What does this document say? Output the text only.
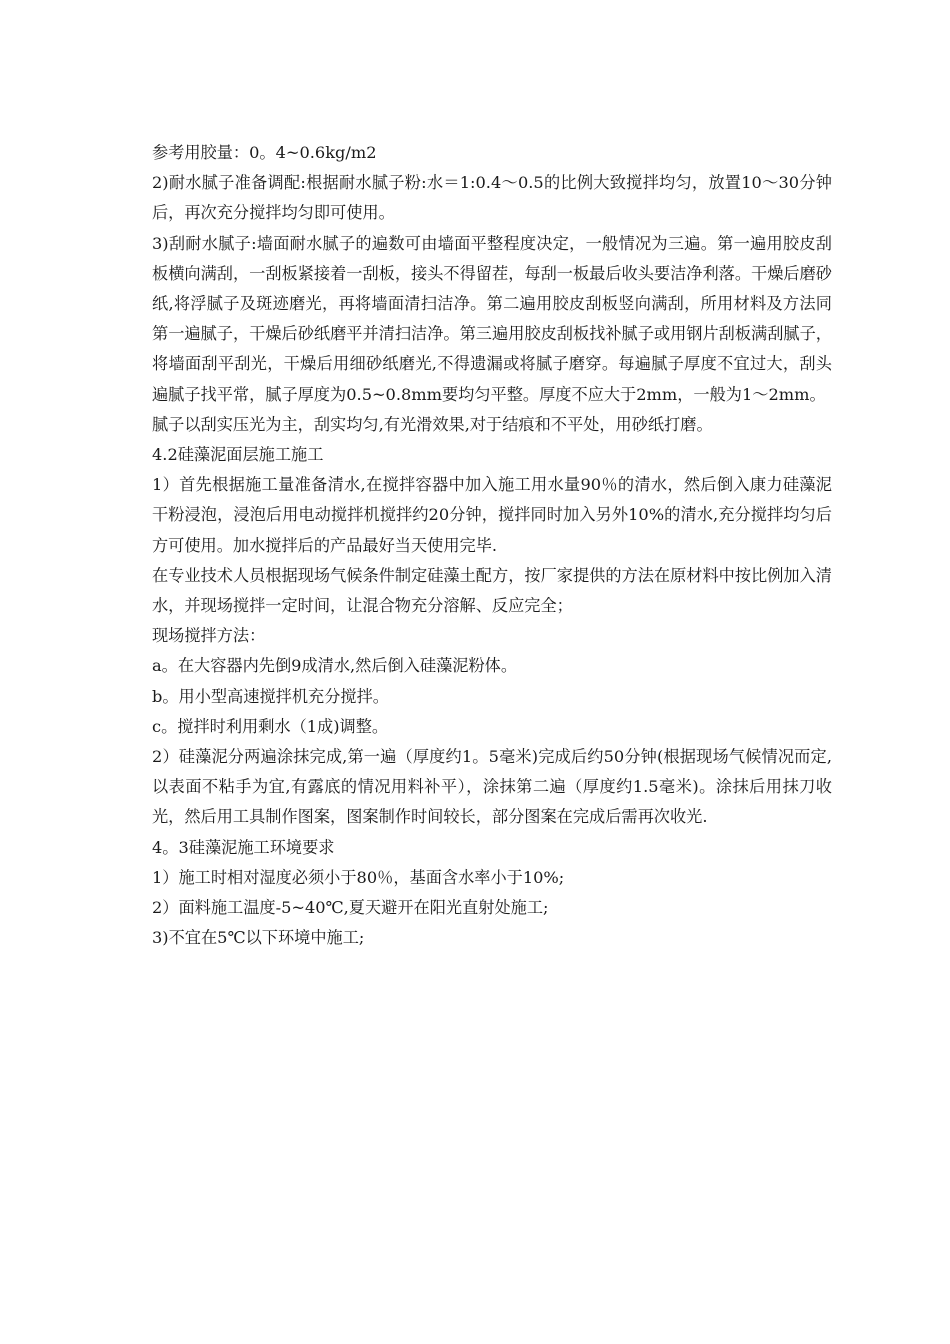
参考用胶量：0。4~0.6kg/m2

2)耐水腻子准备调配:根据耐水腻子粉:水＝1:0.4～0.5的比例大致搅拌均匀，放置10～30分钟后，再次充分搅拌均匀即可使用。

3)刮耐水腻子:墙面耐水腻子的遍数可由墙面平整程度决定，一般情况为三遍。第一遍用胶皮刮板横向满刮，一刮板紧接着一刮板，接头不得留茬，每刮一板最后收头要洁净利落。干燥后磨砂纸,将浮腻子及斑迹磨光，再将墙面清扫洁净。第二遍用胶皮刮板竖向满刮，所用材料及方法同第一遍腻子，干燥后砂纸磨平并清扫洁净。第三遍用胶皮刮板找补腻子或用钢片刮板满刮腻子，将墙面刮平刮光，干燥后用细砂纸磨光,不得遗漏或将腻子磨穿。每遍腻子厚度不宜过大，刮头遍腻子找平常，腻子厚度为0.5~0.8mm要均匀平整。厚度不应大于2mm，一般为1～2mm。

腻子以刮实压光为主，刮实均匀,有光滑效果,对于结痕和不平处，用砂纸打磨。

4.2硅藻泥面层施工施工

1）首先根据施工量准备清水,在搅拌容器中加入施工用水量90％的清水，然后倒入康力硅藻泥干粉浸泡，浸泡后用电动搅拌机搅拌约20分钟，搅拌同时加入另外10%的清水,充分搅拌均匀后方可使用。加水搅拌后的产品最好当天使用完毕.

在专业技术人员根据现场气候条件制定硅藻土配方，按厂家提供的方法在原材料中按比例加入清水，并现场搅拌一定时间，让混合物充分溶解、反应完全；

现场搅拌方法：

a。在大容器内先倒9成清水,然后倒入硅藻泥粉体。

b。用小型高速搅拌机充分搅拌。

c。搅拌时利用剩水（1成)调整。

2）硅藻泥分两遍涂抹完成,第一遍（厚度约1。5毫米)完成后约50分钟(根据现场气候情况而定,以表面不粘手为宜,有露底的情况用料补平），涂抹第二遍（厚度约1.5毫米)。涂抹后用抹刀收光，然后用工具制作图案，图案制作时间较长，部分图案在完成后需再次收光.

4。3硅藻泥施工环境要求

1）施工时相对湿度必须小于80％，基面含水率小于10%;

2）面料施工温度-5~40℃,夏天避开在阳光直射处施工;

3)不宜在5℃以下环境中施工;
